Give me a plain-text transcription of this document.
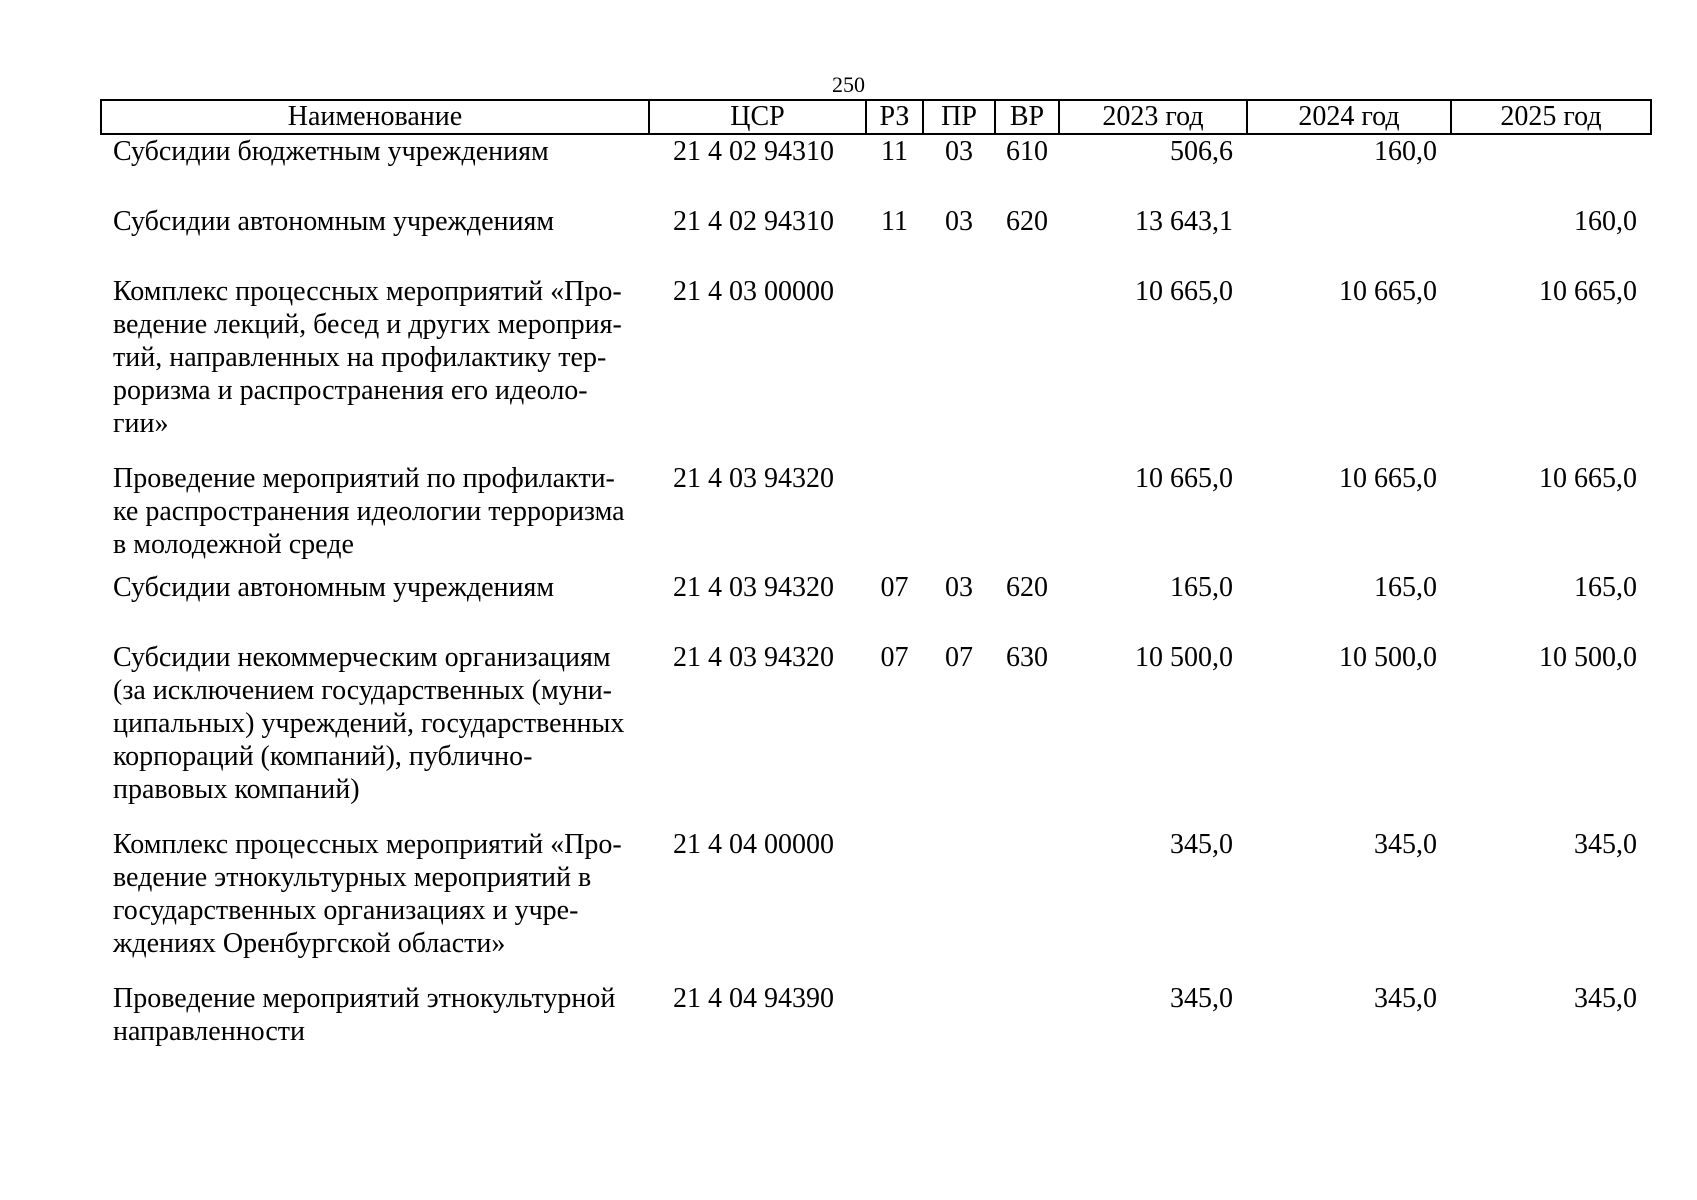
250
Наименование	ЦСР	РЗ	ПР	ВР	2023 год	2024 год	2025 год
Субсидии бюджетным учреждениям	21 4 02 94310	11	03	610	506,6	160,0	
Субсидии автономным учреждениям	21 4 02 94310	11	03	620	13 643,1		160,0
Комплекс процессных мероприятий «Про-
ведение лекций, бесед и других мероприя-
тий, направленных на профилактику тер-
роризма и распространения его идеоло-
гии»	21 4 03 00000				10 665,0	10 665,0	10 665,0
Проведение мероприятий по профилакти-
ке распространения идеологии терроризма
в молодежной среде	21 4 03 94320				10 665,0	10 665,0	10 665,0
Субсидии автономным учреждениям	21 4 03 94320	07	03	620	165,0	165,0	165,0
Субсидии некоммерческим организациям
(за исключением государственных (муни-
ципальных) учреждений, государственных
корпораций (компаний), публично-
правовых компаний)	21 4 03 94320	07	07	630	10 500,0	10 500,0	10 500,0
Комплекс процессных мероприятий «Про-
ведение этнокультурных мероприятий в
государственных организациях и учре-
ждениях Оренбургской области»	21 4 04 00000				345,0	345,0	345,0
Проведение мероприятий этнокультурной
направленности	21 4 04 94390				345,0	345,0	345,0
